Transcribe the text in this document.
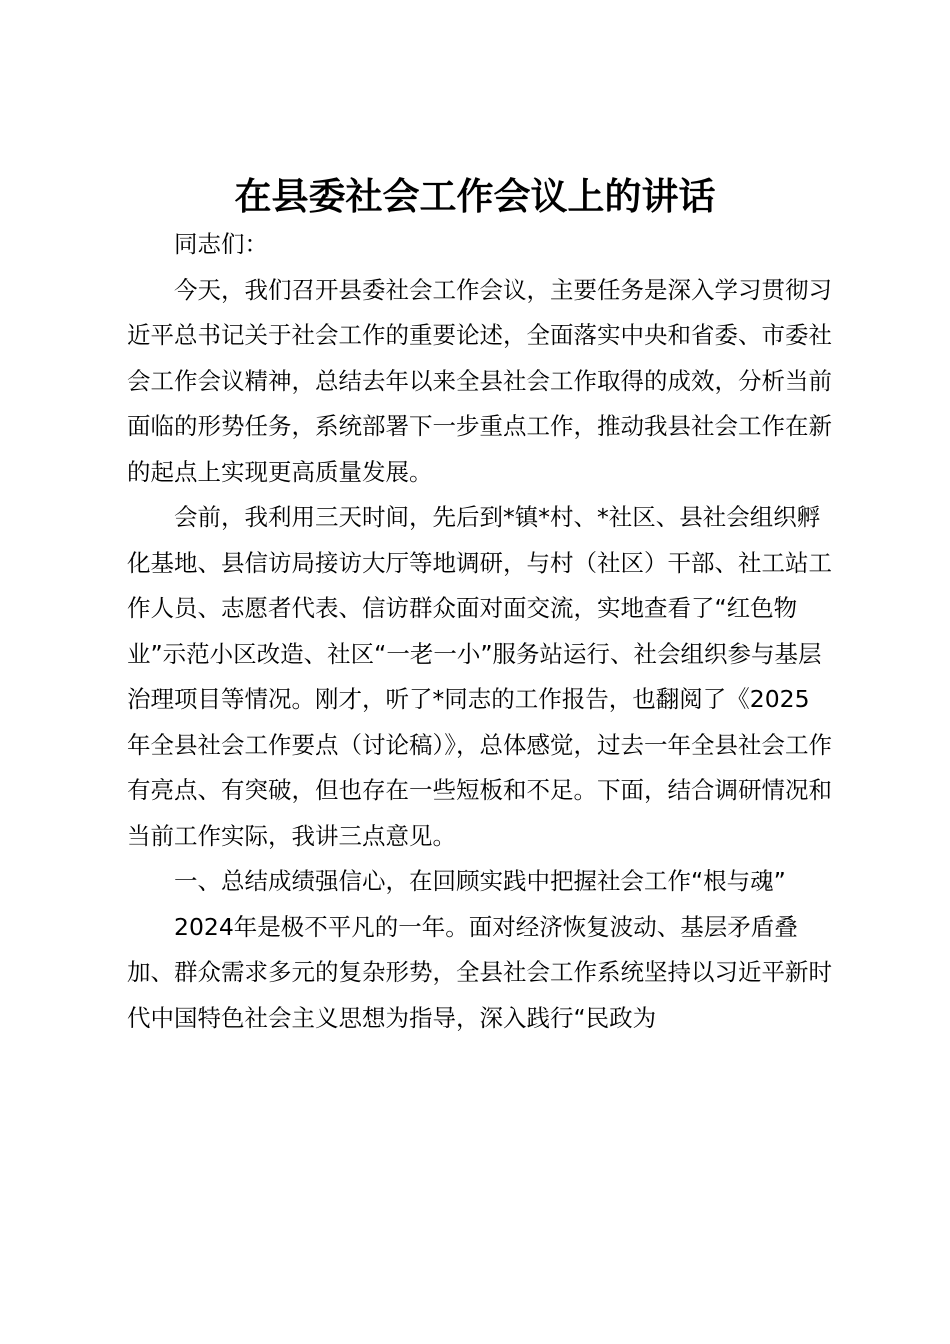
在县委社会工作会议上的讲话

同志们：

今天，我们召开县委社会工作会议，主要任务是深入学习贯彻习近平总书记关于社会工作的重要论述，全面落实中央和省委、市委社会工作会议精神，总结去年以来全县社会工作取得的成效，分析当前面临的形势任务，系统部署下一步重点工作，推动我县社会工作在新的起点上实现更高质量发展。

会前，我利用三天时间，先后到*镇*村、*社区、县社会组织孵化基地、县信访局接访大厅等地调研，与村（社区）干部、社工站工作人员、志愿者代表、信访群众面对面交流，实地查看了“红色物业”示范小区改造、社区“一老一小”服务站运行、社会组织参与基层治理项目等情况。刚才，听了*同志的工作报告，也翻阅了《2025年全县社会工作要点（讨论稿）》，总体感觉，过去一年全县社会工作有亮点、有突破，但也存在一些短板和不足。下面，结合调研情况和当前工作实际，我讲三点意见。

一、总结成绩强信心，在回顾实践中把握社会工作“根与魂”

2024年是极不平凡的一年。面对经济恢复波动、基层矛盾叠加、群众需求多元的复杂形势，全县社会工作系统坚持以习近平新时代中国特色社会主义思想为指导，深入践行“民政为
